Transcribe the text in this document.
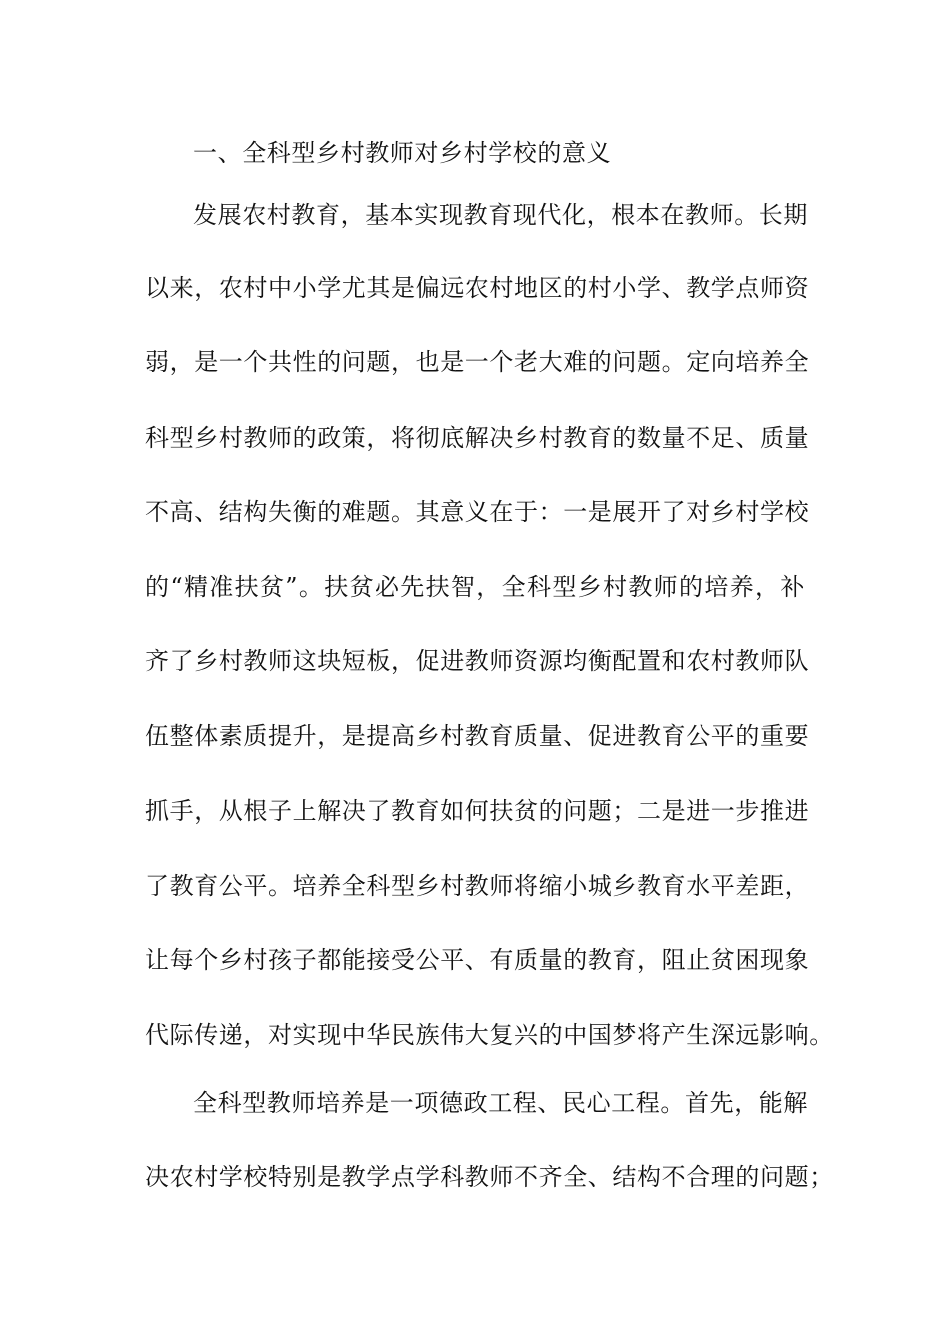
一、全科型乡村教师对乡村学校的意义
发展农村教育，基本实现教育现代化，根本在教师。长期
以来，农村中小学尤其是偏远农村地区的村小学、教学点师资
弱，是一个共性的问题，也是一个老大难的问题。定向培养全
科型乡村教师的政策，将彻底解决乡村教育的数量不足、质量
不高、结构失衡的难题。其意义在于：一是展开了对乡村学校
的“精准扶贫”。扶贫必先扶智，全科型乡村教师的培养，补
齐了乡村教师这块短板，促进教师资源均衡配置和农村教师队
伍整体素质提升，是提高乡村教育质量、促进教育公平的重要
抓手，从根子上解决了教育如何扶贫的问题；二是进一步推进
了教育公平。培养全科型乡村教师将缩小城乡教育水平差距，
让每个乡村孩子都能接受公平、有质量的教育，阻止贫困现象
代际传递，对实现中华民族伟大复兴的中国梦将产生深远影响。
全科型教师培养是一项德政工程、民心工程。首先，能解
决农村学校特别是教学点学科教师不齐全、结构不合理的问题；
